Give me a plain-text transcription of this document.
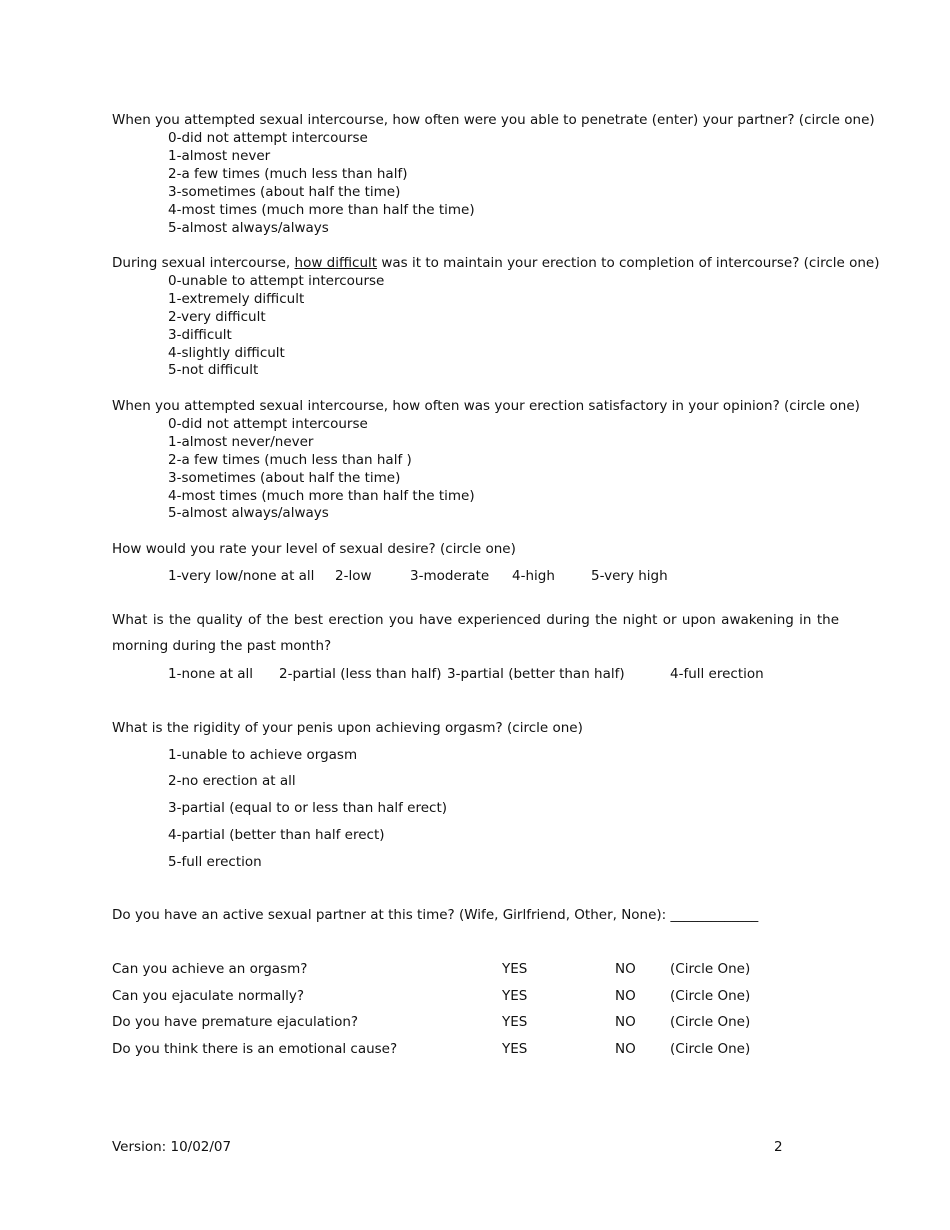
When you attempted sexual intercourse, how often were you able to penetrate (enter) your partner? (circle one)
0-did not attempt intercourse
1-almost never
2-a few times (much less than half)
3-sometimes (about half the time)
4-most times (much more than half the time)
5-almost always/always
During sexual intercourse, how difficult was it to maintain your erection to completion of intercourse? (circle one)
0-unable to attempt intercourse
1-extremely difficult
2-very difficult
3-difficult
4-slightly difficult
5-not difficult
When you attempted sexual intercourse, how often was your erection satisfactory in your opinion? (circle one)
0-did not attempt intercourse
1-almost never/never
2-a few times (much less than half )
3-sometimes (about half the time)
4-most times (much more than half the time)
5-almost always/always
How would you rate your level of sexual desire? (circle one)
1-very low/none at all 2-low	3-moderate 4-high	5-very high
What is the quality of the best erection you have experienced during the night or upon awakening in the morning during the past month?
1-none at all 2-partial (less than half) 3-partial (better than half)	4-full erection
What is the rigidity of your penis upon achieving orgasm? (circle one)
1-unable to achieve orgasm
2-no erection at all
3-partial (equal to or less than half erect)
4-partial (better than half erect)
5-full erection
Do you have an active sexual partner at this time? (Wife, Girlfriend, Other, None): _____________
Can you achieve an orgasm?	YES	NO	(Circle One)
Can you ejaculate normally?	YES	NO	(Circle One)
Do you have premature ejaculation?	YES	NO	(Circle One)
Do you think there is an emotional cause?	YES	NO	(Circle One)
Version: 10/02/07	2
